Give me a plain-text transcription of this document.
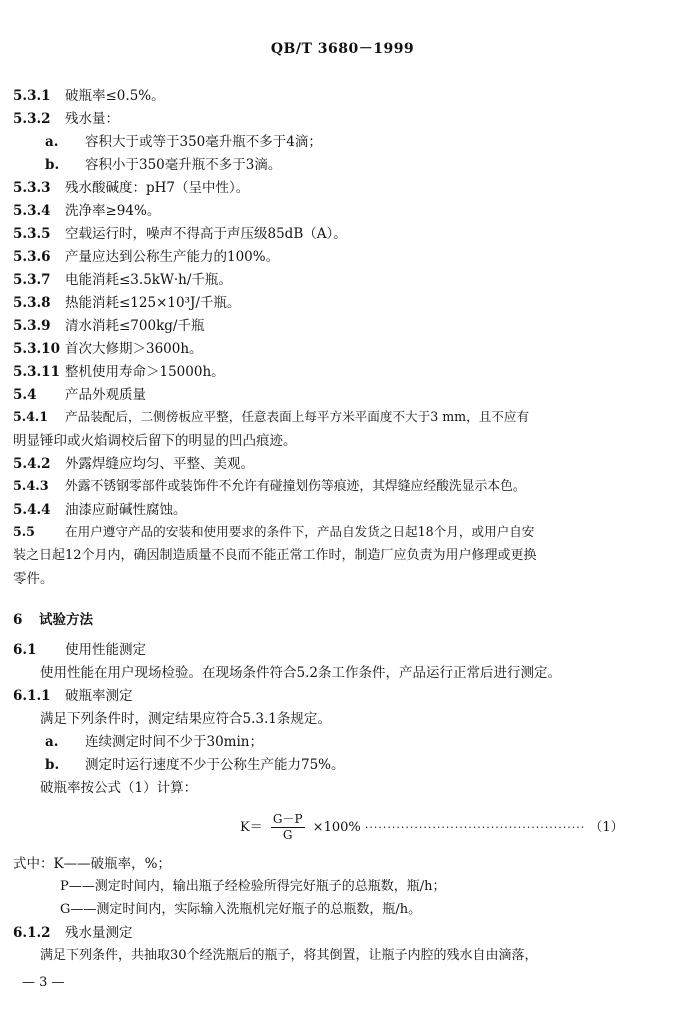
QB/T 3680－1999
5.3.1 破瓶率≤0.5%。
5.3.2 残水量：
a. 容积大于或等于350毫升瓶不多于4滴；
b. 容积小于350毫升瓶不多于3滴。
5.3.3 残水酸碱度：pH7（呈中性）。
5.3.4 洗净率≥94%。
5.3.5 空载运行时，噪声不得高于声压级85dB（A）。
5.3.6 产量应达到公称生产能力的100%。
5.3.7 电能消耗≤3.5kW·h/千瓶。
5.3.8 热能消耗≤125×10³J/千瓶。
5.3.9 清水消耗≤700kg/千瓶
5.3.10 首次大修期＞3600h。
5.3.11 整机使用寿命＞15000h。
5.4 产品外观质量
5.4.1 产品装配后，二侧傍板应平整，任意表面上每平方米平面度不大于3 mm，且不应有
明显锤印或火焰调校后留下的明显的凹凸痕迹。
5.4.2 外露焊缝应均匀、平整、美观。
5.4.3 外露不锈钢零部件或装饰件不允许有碰撞划伤等痕迹，其焊缝应经酸洗显示本色。
5.4.4 油漆应耐碱性腐蚀。
5.5 在用户遵守产品的安装和使用要求的条件下，产品自发货之日起18个月，或用户自安
装之日起12个月内，确因制造质量不良而不能正常工作时，制造厂应负责为用户修理或更换
零件。
6 试验方法
6.1 使用性能测定
使用性能在用户现场检验。在现场条件符合5.2条工作条件，产品运行正常后进行测定。
6.1.1 破瓶率测定
满足下列条件时，测定结果应符合5.3.1条规定。
a. 连续测定时间不少于30min；
b. 测定时运行速度不少于公称生产能力75%。
破瓶率按公式（1）计算：
$K= \frac{G-P}{G} \times 100\%$ ················································· （1）
式中：K——破瓶率，%；
P——测定时间内，输出瓶子经检验所得完好瓶子的总瓶数，瓶/h；
G——测定时间内，实际输入洗瓶机完好瓶子的总瓶数，瓶/h。
6.1.2 残水量测定
满足下列条件，共抽取30个经洗瓶后的瓶子，将其倒置，让瓶子内腔的残水自由滴落，
— 3 —
